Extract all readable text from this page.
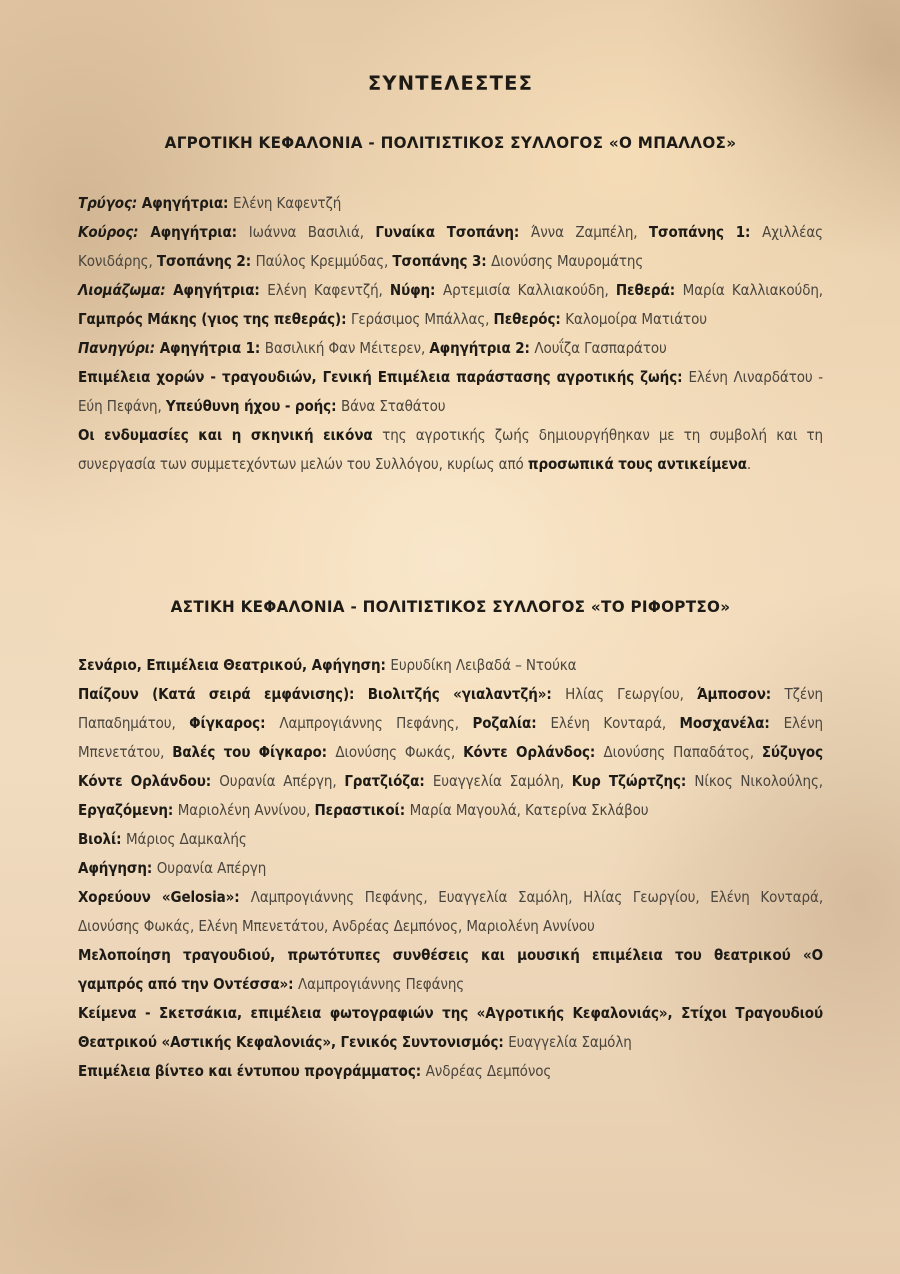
ΣΥΝΤΕΛΕΣΤΕΣ
ΑΓΡΟΤΙΚΗ ΚΕΦΑΛΟΝΙΑ - ΠΟΛΙΤΙΣΤΙΚΟΣ ΣΥΛΛΟΓΟΣ «Ο ΜΠΑΛΛΟΣ»

Τρύγος: Αφηγήτρια: Ελένη Καφεντζή

Κούρος: Αφηγήτρια: Ιωάννα Βασιλιά, Γυναίκα Τσοπάνη: Άννα Ζαμπέλη, Τσοπάνης 1: Αχιλλέας Κονιδάρης, Τσοπάνης 2: Παύλος Κρεμμύδας, Τσοπάνης 3: Διονύσης Μαυρομάτης

Λιομάζωμα: Αφηγήτρια: Ελένη Καφεντζή, Νύφη: Αρτεμισία Καλλιακούδη, Πεθερά: Μαρία Καλλιακούδη, Γαμπρός Μάκης (γιος της πεθεράς): Γεράσιμος Μπάλλας, Πεθερός: Καλομοίρα Ματιάτου

Πανηγύρι: Αφηγήτρια 1: Βασιλική Φαν Μέιτερεν, Αφηγήτρια 2: Λουΐζα Γασπαράτου

Επιμέλεια χορών - τραγουδιών, Γενική Επιμέλεια παράστασης αγροτικής ζωής: Ελένη Λιναρδάτου - Εύη Πεφάνη, Υπεύθυνη ήχου - ροής: Βάνα Σταθάτου

Οι ενδυμασίες και η σκηνική εικόνα της αγροτικής ζωής δημιουργήθηκαν με τη συμβολή και τη συνεργασία των συμμετεχόντων μελών του Συλλόγου, κυρίως από προσωπικά τους αντικείμενα.

ΑΣΤΙΚΗ ΚΕΦΑΛΟΝΙΑ - ΠΟΛΙΤΙΣΤΙΚΟΣ ΣΥΛΛΟΓΟΣ «ΤΟ ΡΙΦΟΡΤΣΟ»

Σενάριο, Επιμέλεια Θεατρικού, Αφήγηση: Ευρυδίκη Λειβαδά – Ντούκα

Παίζουν (Κατά σειρά εμφάνισης): Βιολιτζής «γιαλαντζή»: Ηλίας Γεωργίου, Άμποσον: Τζένη Παπαδημάτου, Φίγκαρος: Λαμπρογιάννης Πεφάνης, Ροζαλία: Ελένη Κονταρά, Μοσχανέλα: Ελένη Μπενετάτου, Βαλές του Φίγκαρο: Διονύσης Φωκάς, Κόντε Ορλάνδος: Διονύσης Παπαδάτος, Σύζυγος Κόντε Ορλάνδου: Ουρανία Απέργη, Γρατζιόζα: Ευαγγελία Σαμόλη, Κυρ Τζώρτζης: Νίκος Νικολούλης, Εργαζόμενη: Μαριολένη Αννίνου, Περαστικοί: Μαρία Μαγουλά, Κατερίνα Σκλάβου

Βιολί: Μάριος Δαμκαλής

Αφήγηση: Ουρανία Απέργη

Χορεύουν «Gelosia»: Λαμπρογιάννης Πεφάνης, Ευαγγελία Σαμόλη, Ηλίας Γεωργίου, Ελένη Κονταρά, Διονύσης Φωκάς, Ελένη Μπενετάτου, Ανδρέας Δεμπόνος, Μαριολένη Αννίνου

Μελοποίηση τραγουδιού, πρωτότυπες συνθέσεις και μουσική επιμέλεια του θεατρικού «Ο γαμπρός από την Οντέσσα»: Λαμπρογιάννης Πεφάνης

Κείμενα - Σκετσάκια, επιμέλεια φωτογραφιών της «Αγροτικής Κεφαλονιάς», Στίχοι Τραγουδιού Θεατρικού «Αστικής Κεφαλονιάς», Γενικός Συντονισμός: Ευαγγελία Σαμόλη

Επιμέλεια βίντεο και έντυπου προγράμματος: Ανδρέας Δεμπόνος
